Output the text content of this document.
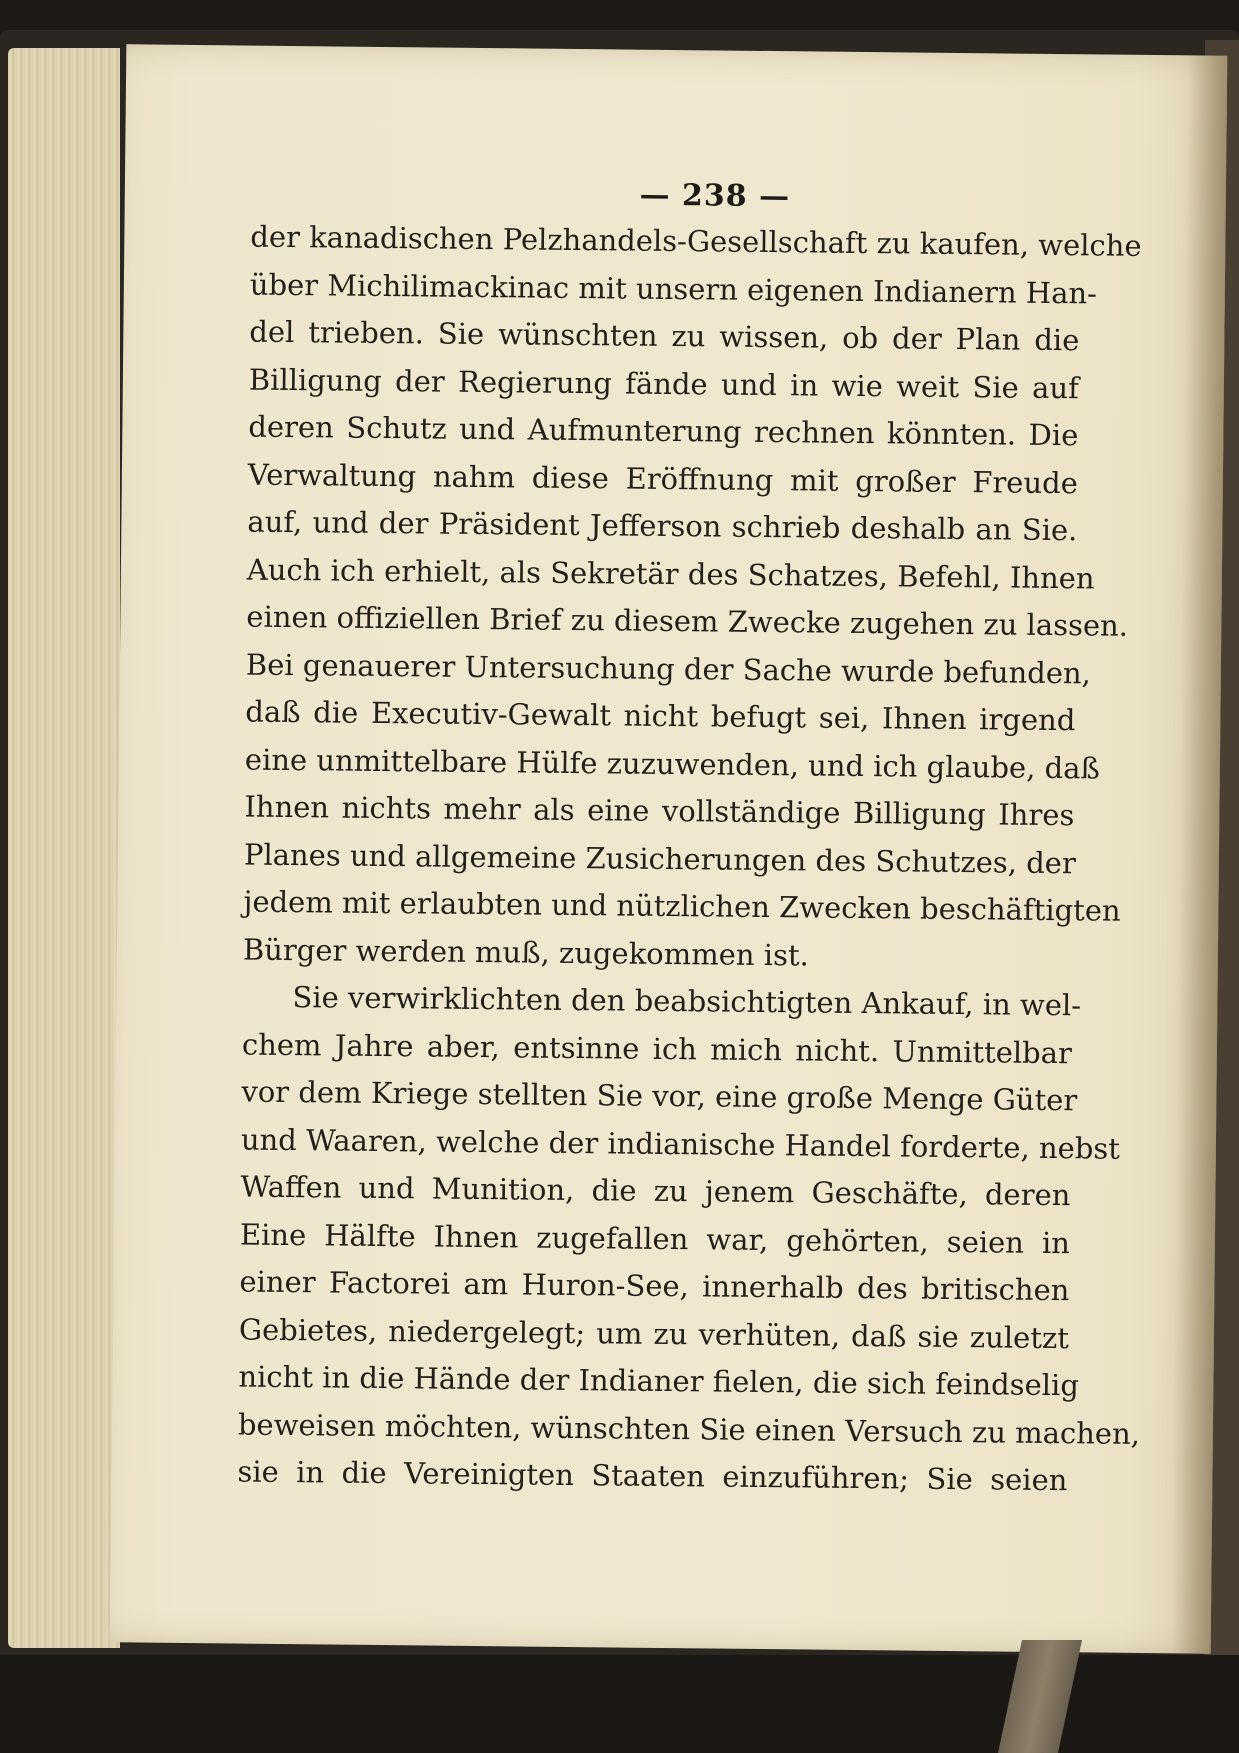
— 238 —
der kanadischen Pelzhandels-Gesellschaft zu kaufen, welche
über Michilimackinac mit unsern eigenen Indianern Han-
del trieben. Sie wünschten zu wissen, ob der Plan die
Billigung der Regierung fände und in wie weit Sie auf
deren Schutz und Aufmunterung rechnen könnten. Die
Verwaltung nahm diese Eröffnung mit großer Freude
auf, und der Präsident Jefferson schrieb deshalb an Sie.
Auch ich erhielt, als Sekretär des Schatzes, Befehl, Ihnen
einen offiziellen Brief zu diesem Zwecke zugehen zu lassen.
Bei genauerer Untersuchung der Sache wurde befunden,
daß die Executiv-Gewalt nicht befugt sei, Ihnen irgend
eine unmittelbare Hülfe zuzuwenden, und ich glaube, daß
Ihnen nichts mehr als eine vollständige Billigung Ihres
Planes und allgemeine Zusicherungen des Schutzes, der
jedem mit erlaubten und nützlichen Zwecken beschäftigten
Bürger werden muß, zugekommen ist.
Sie verwirklichten den beabsichtigten Ankauf, in wel-
chem Jahre aber, entsinne ich mich nicht. Unmittelbar
vor dem Kriege stellten Sie vor, eine große Menge Güter
und Waaren, welche der indianische Handel forderte, nebst
Waffen und Munition, die zu jenem Geschäfte, deren
Eine Hälfte Ihnen zugefallen war, gehörten, seien in
einer Factorei am Huron-See, innerhalb des britischen
Gebietes, niedergelegt; um zu verhüten, daß sie zuletzt
nicht in die Hände der Indianer fielen, die sich feindselig
beweisen möchten, wünschten Sie einen Versuch zu machen,
sie in die Vereinigten Staaten einzuführen; Sie seien
